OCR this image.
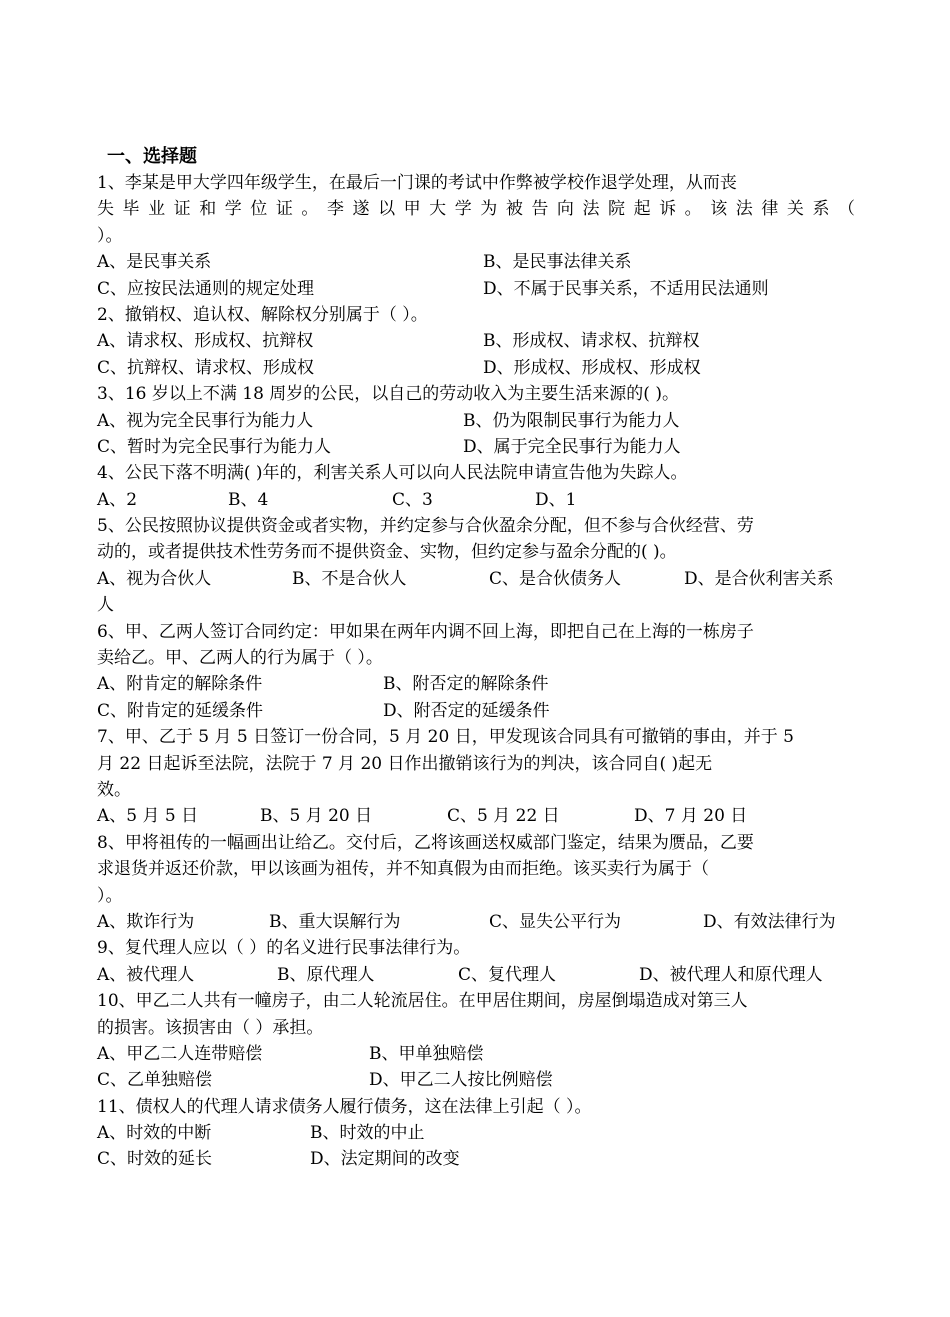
一、选择题
1、李某是甲大学四年级学生，在最后一门课的考试中作弊被学校作退学处理，从而丧
失 毕 业 证 和 学 位 证 。 李 遂 以 甲 大 学 为 被 告 向 法 院 起 诉 。 该 法 律 关 系 （
）。
A、是民事关系	B、是民事法律关系
C、应按民法通则的规定处理	D、不属于民事关系，不适用民法通则
2、撤销权、追认权、解除权分别属于（ ）。
A、请求权、形成权、抗辩权	B、形成权、请求权、抗辩权
C、抗辩权、请求权、形成权	D、形成权、形成权、形成权
3、16 岁以上不满 18 周岁的公民，以自己的劳动收入为主要生活来源的( )。
A、视为完全民事行为能力人	B、仍为限制民事行为能力人
C、暂时为完全民事行为能力人	D、属于完全民事行为能力人
4、公民下落不明满( )年的，利害关系人可以向人民法院申请宣告他为失踪人。
A、2	B、4	C、3	D、1
5、公民按照协议提供资金或者实物，并约定参与合伙盈余分配，但不参与合伙经营、劳
动的，或者提供技术性劳务而不提供资金、实物，但约定参与盈余分配的( )。
A、视为合伙人	B、不是合伙人	C、是合伙债务人	D、是合伙利害关系
人
6、甲、乙两人签订合同约定：甲如果在两年内调不回上海，即把自己在上海的一栋房子
卖给乙。甲、乙两人的行为属于（ ）。
A、附肯定的解除条件	B、附否定的解除条件
C、附肯定的延缓条件	D、附否定的延缓条件
7、甲、乙于 5 月 5 日签订一份合同，5 月 20 日，甲发现该合同具有可撤销的事由，并于 5
月 22 日起诉至法院，法院于 7 月 20 日作出撤销该行为的判决，该合同自( )起无
效。
A、5 月 5 日	B、5 月 20 日	C、5 月 22 日	D、7 月 20 日
8、甲将祖传的一幅画出让给乙。交付后，乙将该画送权威部门鉴定，结果为赝品，乙要
求退货并返还价款，甲以该画为祖传，并不知真假为由而拒绝。该买卖行为属于（
）。
A、欺诈行为	B、重大误解行为	C、显失公平行为	D、有效法律行为
9、复代理人应以（ ）的名义进行民事法律行为。
A、被代理人	B、原代理人	C、复代理人	D、被代理人和原代理人
10、甲乙二人共有一幢房子，由二人轮流居住。在甲居住期间，房屋倒塌造成对第三人
的损害。该损害由（ ）承担。
A、甲乙二人连带赔偿	B、甲单独赔偿
C、乙单独赔偿	D、甲乙二人按比例赔偿
11、债权人的代理人请求债务人履行债务，这在法律上引起（ ）。
A、时效的中断	B、时效的中止
C、时效的延长	D、法定期间的改变
